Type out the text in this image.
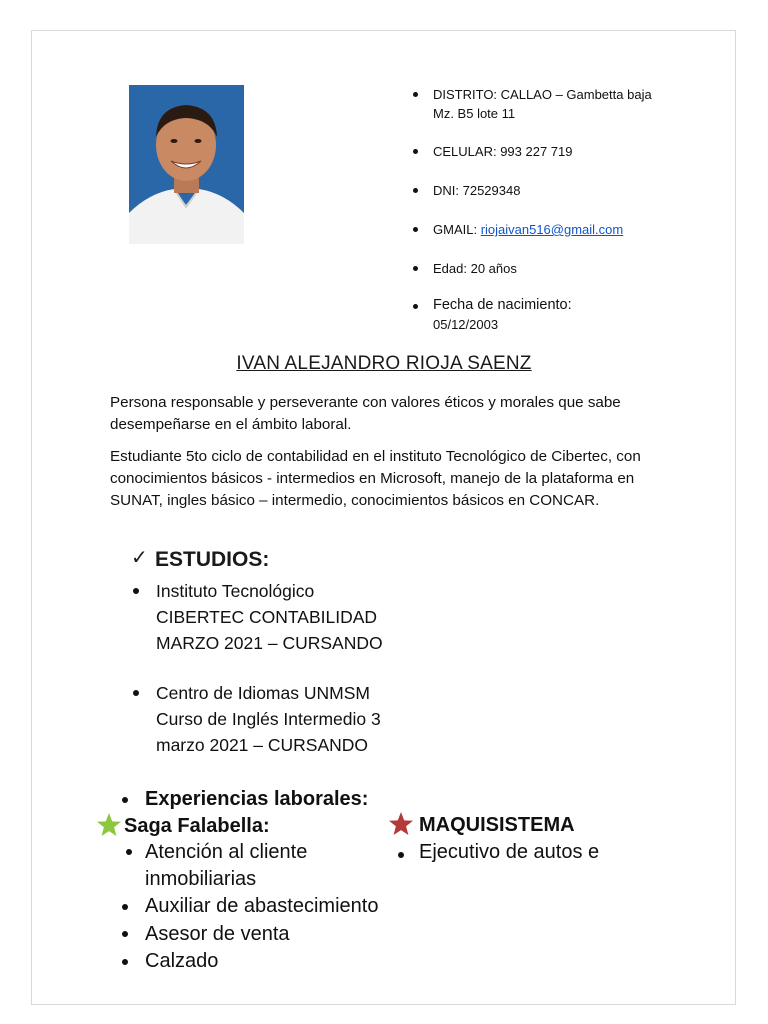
DISTRITO: CALLAO – Gambetta baja
Mz. B5 lote 11
CELULAR: 993 227 719
DNI: 72529348
GMAIL: riojaivan516@gmail.com
Edad: 20 años
Fecha de nacimiento:
05/12/2003
IVAN ALEJANDRO RIOJA SAENZ
Persona responsable y perseverante con valores éticos y morales que sabe desempeñarse en el ámbito laboral.
Estudiante 5to ciclo de contabilidad en el instituto Tecnológico de Cibertec, con conocimientos básicos - intermedios en Microsoft, manejo de la plataforma en SUNAT, ingles básico – intermedio, conocimientos básicos en CONCAR.
✓ ESTUDIOS:
Instituto Tecnológico
CIBERTEC CONTABILIDAD
MARZO 2021 – CURSANDO
Centro de Idiomas UNMSM
Curso de Inglés Intermedio 3
marzo 2021 – CURSANDO
Experiencias laborales:
Saga Falabella:
Atención al cliente
inmobiliarias
Auxiliar de abastecimiento
Asesor de venta
Calzado
MAQUISISTEMA
Ejecutivo de autos e
